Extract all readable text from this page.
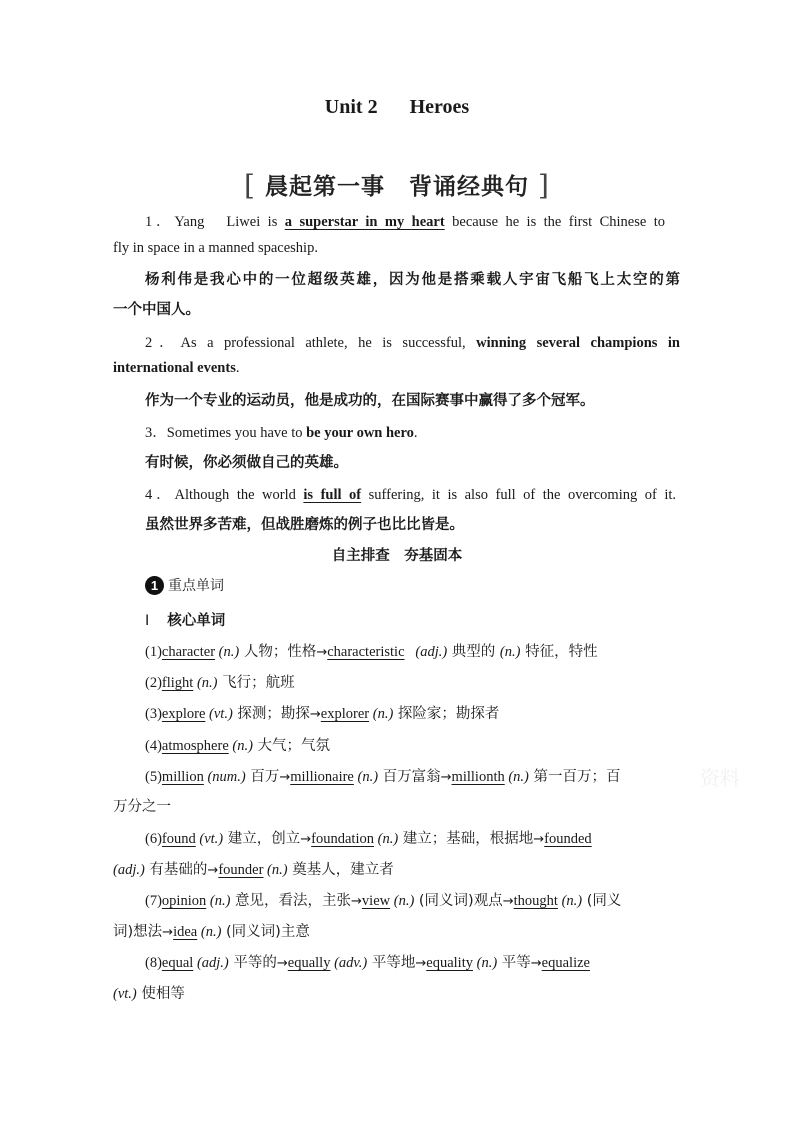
Unit 2 Heroes
[ 晨起第一事　背诵经典句 ]
1．Yang　Liwei is a superstar in my heart because he is the first Chinese to
fly in space in a manned spaceship.
杨利伟是我心中的一位超级英雄，因为他是搭乘载人宇宙飞船飞上太空的第
一个中国人。
2．As a professional athlete, he is successful, winning several champions in
international events.
作为一个专业的运动员，他是成功的，在国际赛事中赢得了多个冠军。
3．Sometimes you have to be your own hero.
有时候，你必须做自己的英雄。
4．Although the world is full of suffering, it is also full of the overcoming of it.
虽然世界多苦难，但战胜磨炼的例子也比比皆是。
自主排查　夯基固本
1 重点单词
Ⅰ 核心单词
(1)character (n.) 人物；性格→characteristic (adj.) 典型的 (n.) 特征，特性
(2)flight (n.) 飞行；航班
(3)explore (vt.) 探测；勘探→explorer (n.) 探险家；勘探者
(4)atmosphere (n.) 大气；气氛
(5)million (num.) 百万→millionaire (n.) 百万富翁→millionth (n.) 第一百万；百
万分之一
(6)found (vt.) 建立，创立→foundation (n.) 建立；基础，根据地→founded
(adj.) 有基础的→founder (n.) 奠基人，建立者
(7)opinion (n.) 意见，看法，主张→view (n.) (同义词)观点→thought (n.) (同义
词)想法→idea (n.) (同义词)主意
(8)equal (adj.) 平等的→equally (adv.) 平等地→equality (n.) 平等→equalize
(vt.) 使相等
资料
